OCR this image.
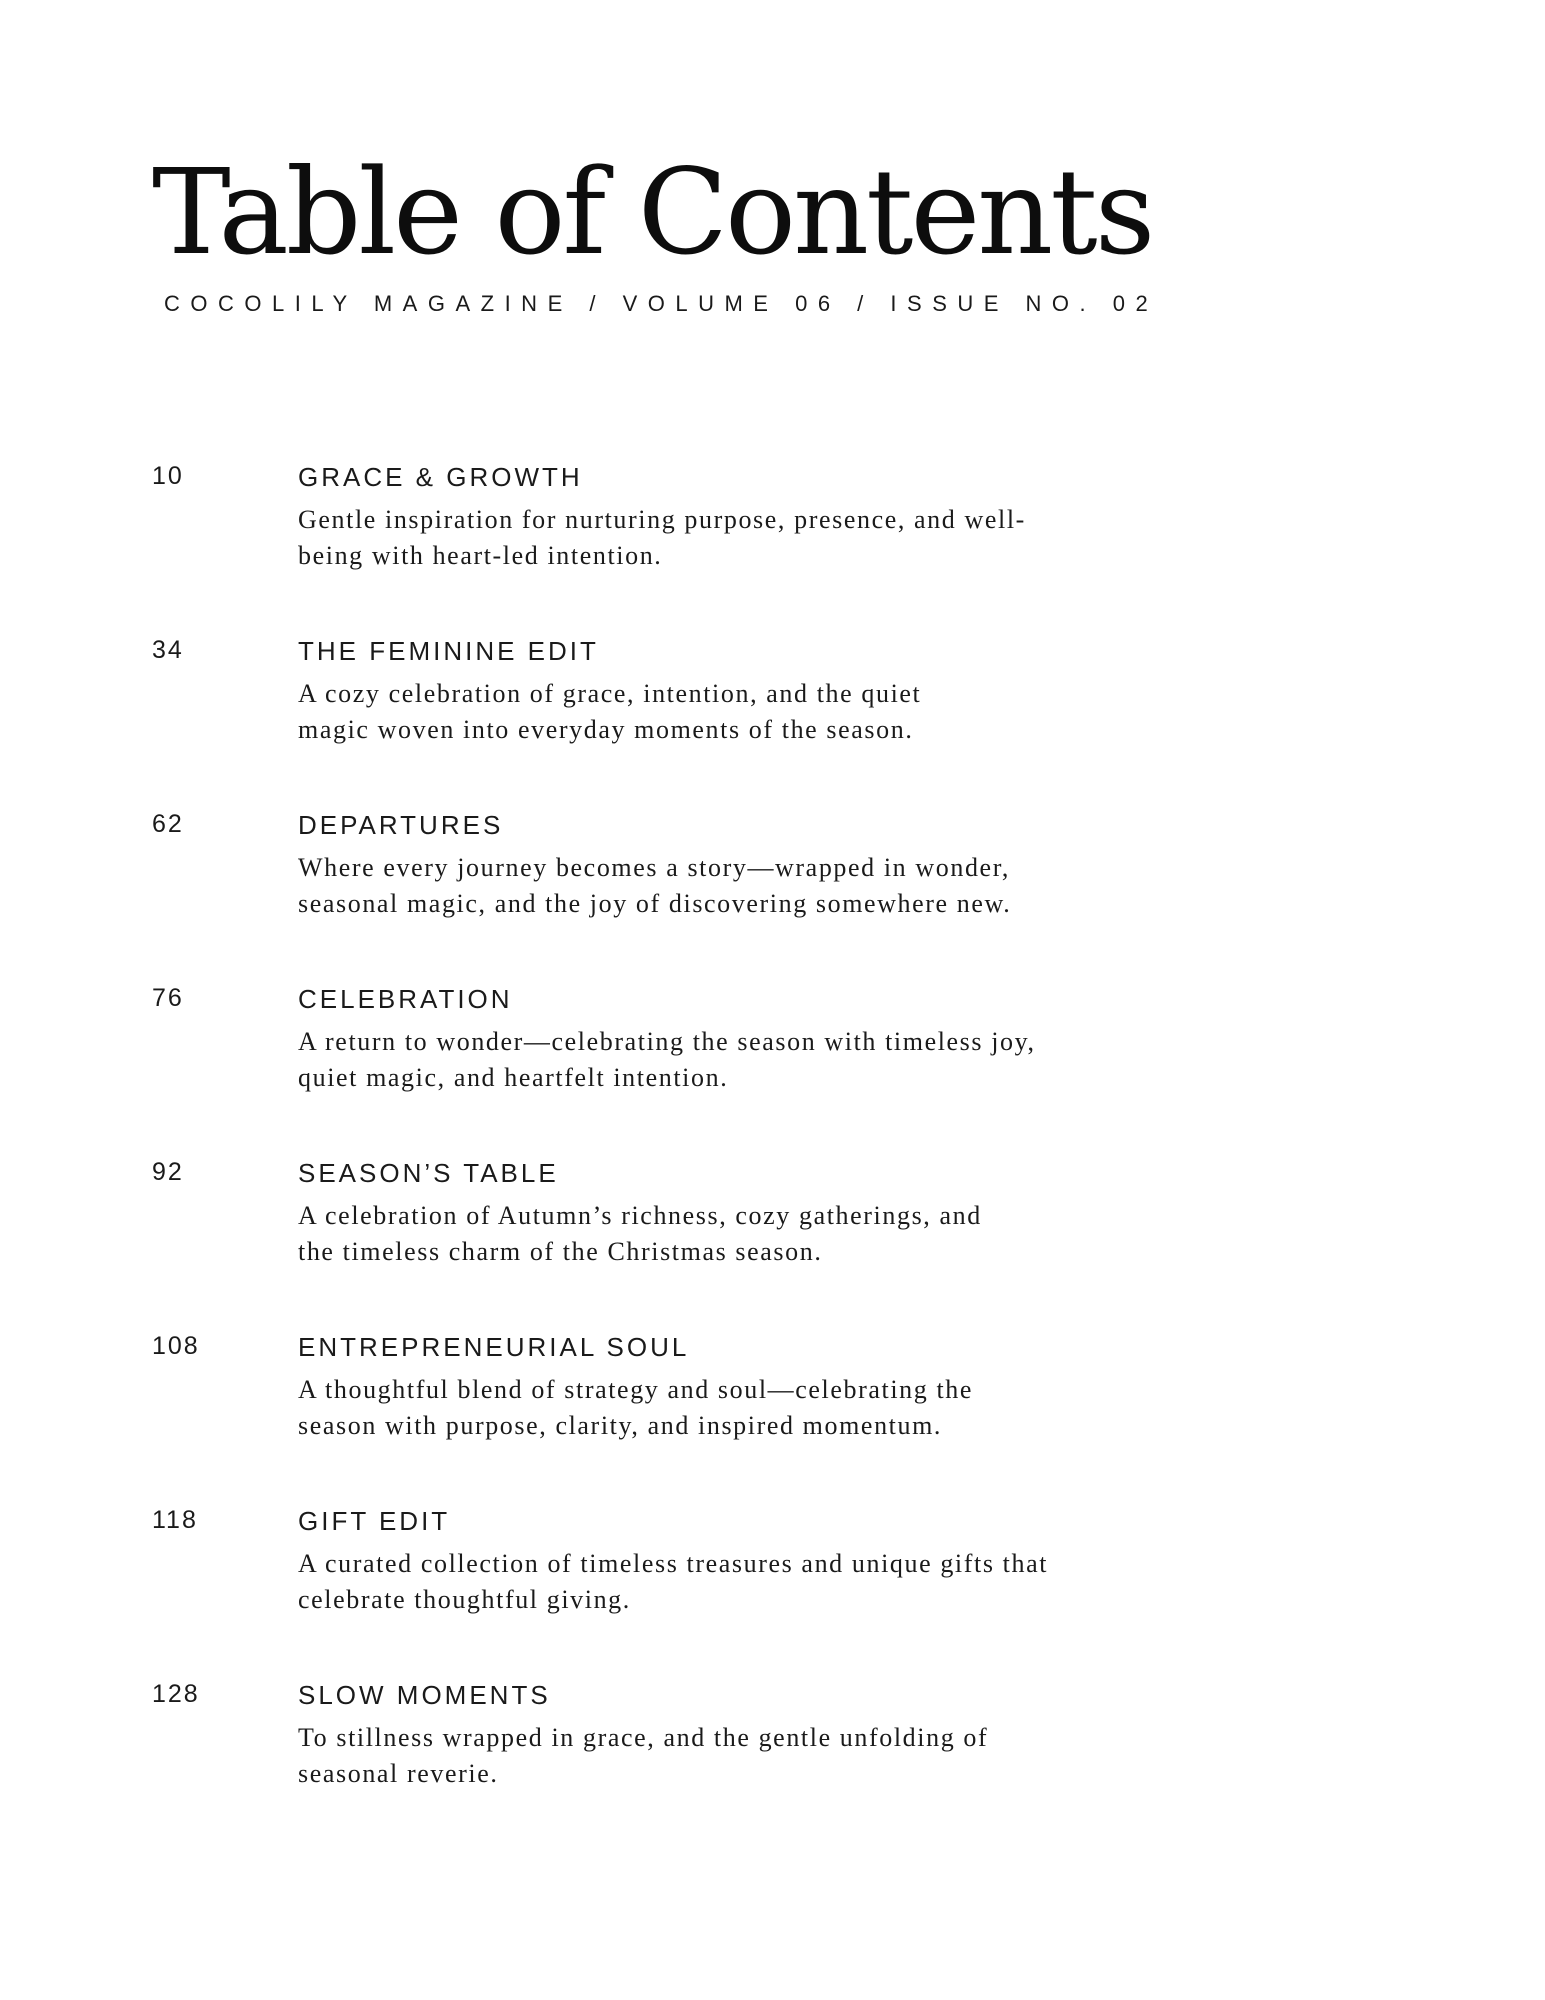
Table of Contents
COCOLILY MAGAZINE / VOLUME 06 / ISSUE NO. 02
10	GRACE & GROWTH

Gentle inspiration for nurturing purpose, presence, and well-being with heart-led intention.

34	THE FEMININE EDIT

A cozy celebration of grace, intention, and the quiet magic woven into everyday moments of the season.

62	DEPARTURES

Where every journey becomes a story—wrapped in wonder, seasonal magic, and the joy of discovering somewhere new.

76	CELEBRATION

A return to wonder—celebrating the season with timeless joy, quiet magic, and heartfelt intention.

92	SEASON’S TABLE

A celebration of Autumn’s richness, cozy gatherings, and the timeless charm of the Christmas season.

108	ENTREPRENEURIAL SOUL

A thoughtful blend of strategy and soul—celebrating the season with purpose, clarity, and inspired momentum.

118	GIFT EDIT

A curated collection of timeless treasures and unique gifts that celebrate thoughtful giving.

128	SLOW MOMENTS

To stillness wrapped in grace, and the gentle unfolding of seasonal reverie.
